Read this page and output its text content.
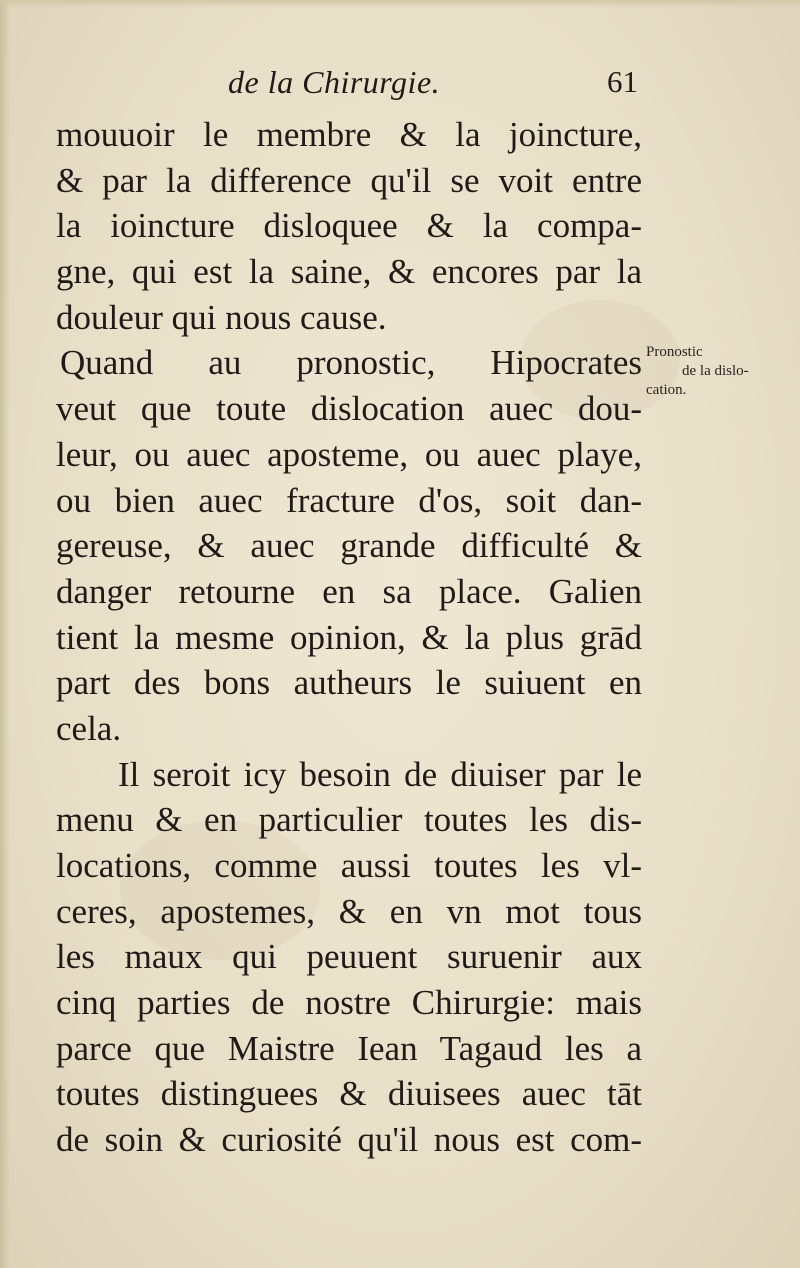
de la Chirurgie.	61
mouuoir le membre & la joincture,
& par la difference qu'il se voit entre
la ioincture disloquee & la compa-
gne, qui est la saine, & encores par la
douleur qui nous cause.
Quand au pronostic, Hipocrates
veut que toute dislocation auec dou-
leur, ou auec aposteme, ou auec playe,
ou bien auec fracture d'os, soit dan-
gereuse, & auec grande difficulté &
danger retourne en sa place. Galien
tient la mesme opinion, & la plus grād
part des bons autheurs le suiuent en
cela.
Il seroit icy besoin de diuiser par le
menu & en particulier toutes les dis-
locations, comme aussi toutes les vl-
ceres, apostemes, & en vn mot tous
les maux qui peuuent suruenir aux
cinq parties de nostre Chirurgie: mais
parce que Maistre Iean Tagaud les a
toutes distinguees & diuisees auec tāt
de soin & curiosité qu'il nous est com-
Pronostic
de la dislo-
cation.
